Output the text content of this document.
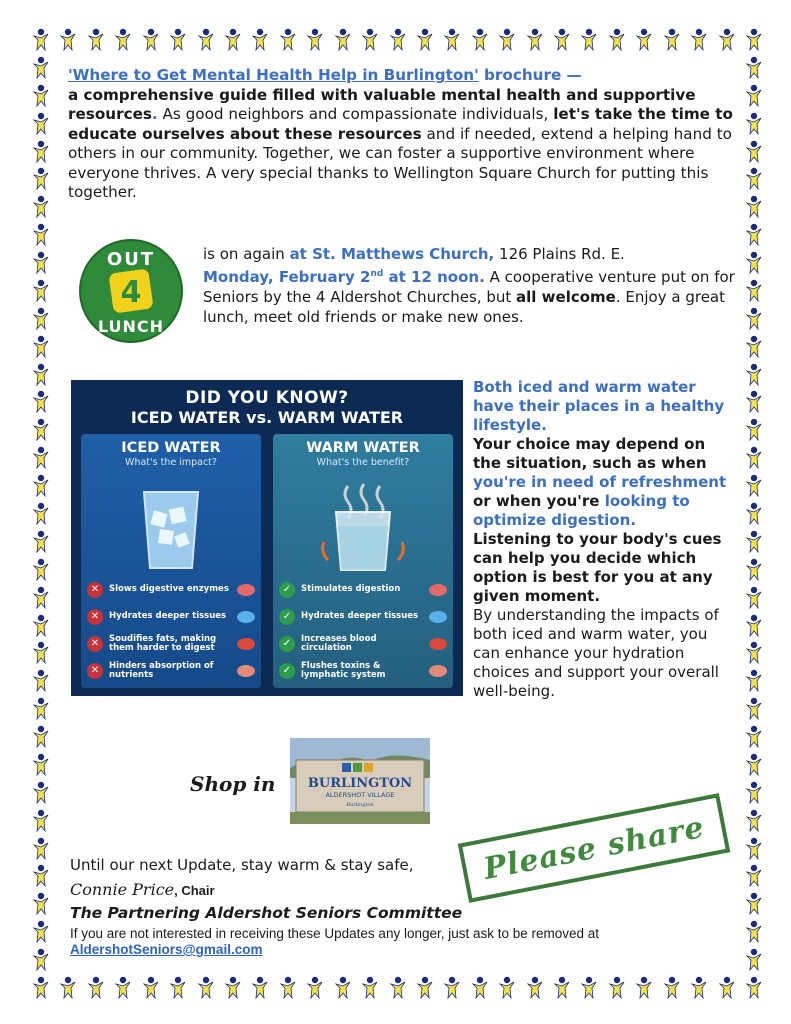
'Where to Get Mental Health Help in Burlington' brochure —
a comprehensive guide filled with valuable mental health and supportive resources. As good neighbors and compassionate individuals, let's take the time to educate ourselves about these resources and if needed, extend a helping hand to others in our community. Together, we can foster a supportive environment where everyone thrives. A very special thanks to Wellington Square Church for putting this together.
4
OUT
LUNCH
is on again at St. Matthews Church, 126 Plains Rd. E.
Monday, February 2nd at 12 noon. A cooperative venture put on for Seniors by the 4 Aldershot Churches, but all welcome. Enjoy a great lunch, meet old friends or make new ones.
DID YOU KNOW?
ICED WATER vs. WARM WATER
ICED WATER
What's the impact?
✕	Slows digestive enzymes
✕	Hydrates deeper tissues
✕	Soudifies fats, making them harder to digest
✕	Hinders absorption of nutrients
WARM WATER
What's the benefit?
✓	Stimulates digestion
✓	Hydrates deeper tissues
✓	Increases blood circulation
✓	Flushes toxins & lymphatic system
Both iced and warm water have their places in a healthy lifestyle.
Your choice may depend on the situation, such as when you're in need of refreshment or when you're looking to optimize digestion.
Listening to your body's cues can help you decide which option is best for you at any given moment.
By understanding the impacts of both iced and warm water, you can enhance your hydration choices and support your overall well-being.
Shop in BURLINGTON
ALDERSHOT VILLAGE
Burlington
Please share
Until our next Update, stay warm & stay safe,
Connie Price, Chair
The Partnering Aldershot Seniors Committee
If you are not interested in receiving these Updates any longer, just ask to be removed at
AldershotSeniors@gmail.com
